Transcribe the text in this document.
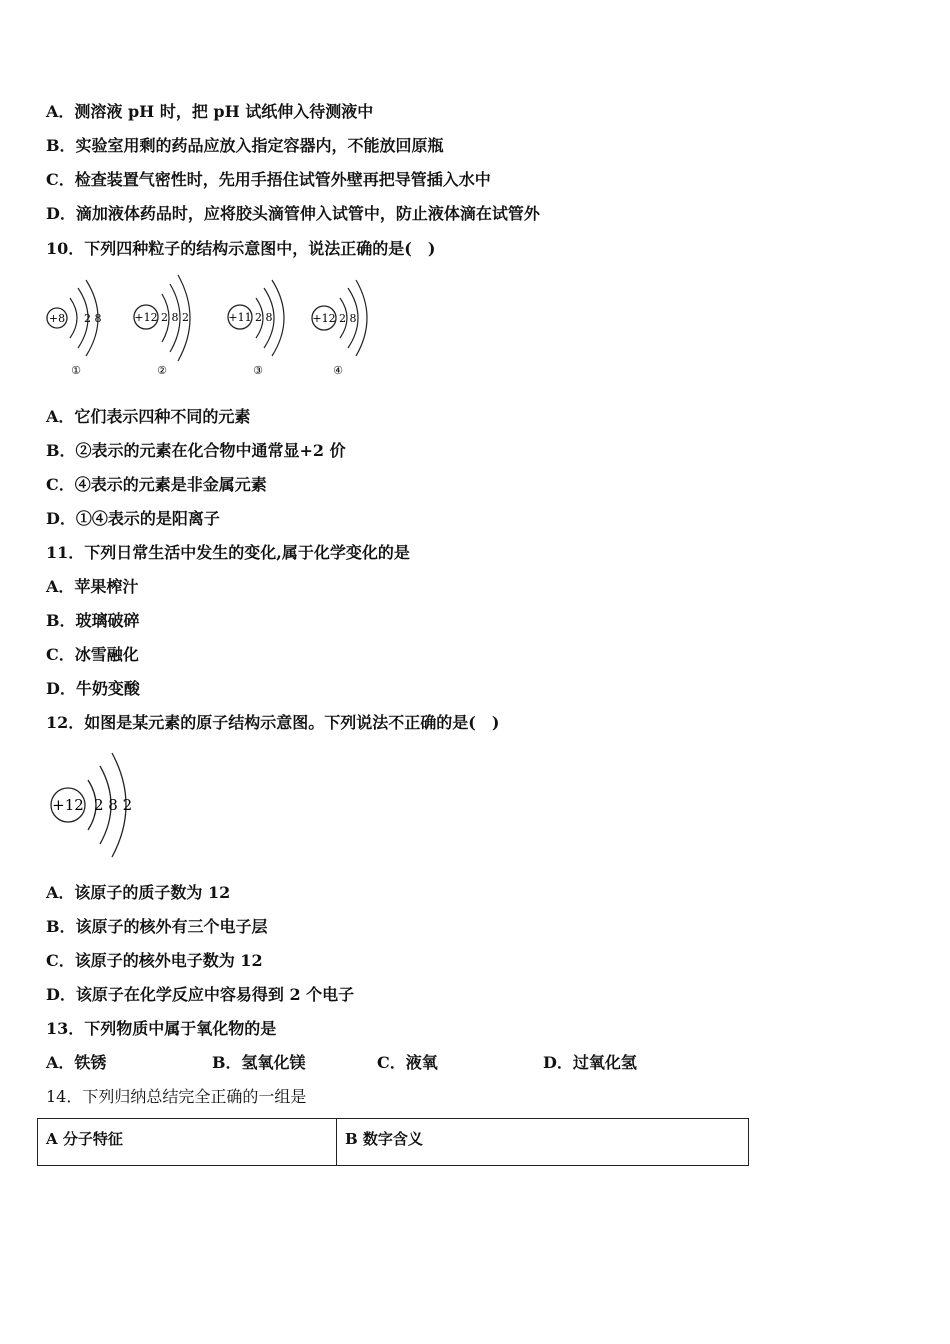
A．测溶液 pH 时，把 pH 试纸伸入待测液中
B．实验室用剩的药品应放入指定容器内，不能放回原瓶
C．检查装置气密性时，先用手捂住试管外壁再把导管插入水中
D．滴加液体药品时，应将胶头滴管伸入试管中，防止液体滴在试管外
10．下列四种粒子的结构示意图中，说法正确的是(　)
+8 2 8
①
+12 2 8 2
②
+11 2 8
③
+12 2 8
④
A．它们表示四种不同的元素
B．②表示的元素在化合物中通常显+2 价
C．④表示的元素是非金属元素
D．①④表示的是阳离子
11．下列日常生活中发生的变化,属于化学变化的是
A．苹果榨汁
B．玻璃破碎
C．冰雪融化
D．牛奶变酸
12．如图是某元素的原子结构示意图。下列说法不正确的是(　)
+12 2 8 2
A．该原子的质子数为 12
B．该原子的核外有三个电子层
C．该原子的核外电子数为 12
D．该原子在化学反应中容易得到 2 个电子
13．下列物质中属于氧化物的是
A．铁锈	B．氢氧化镁	C．液氧	D．过氧化氢
14．下列归纳总结完全正确的一组是
A 分子特征	B 数字含义
